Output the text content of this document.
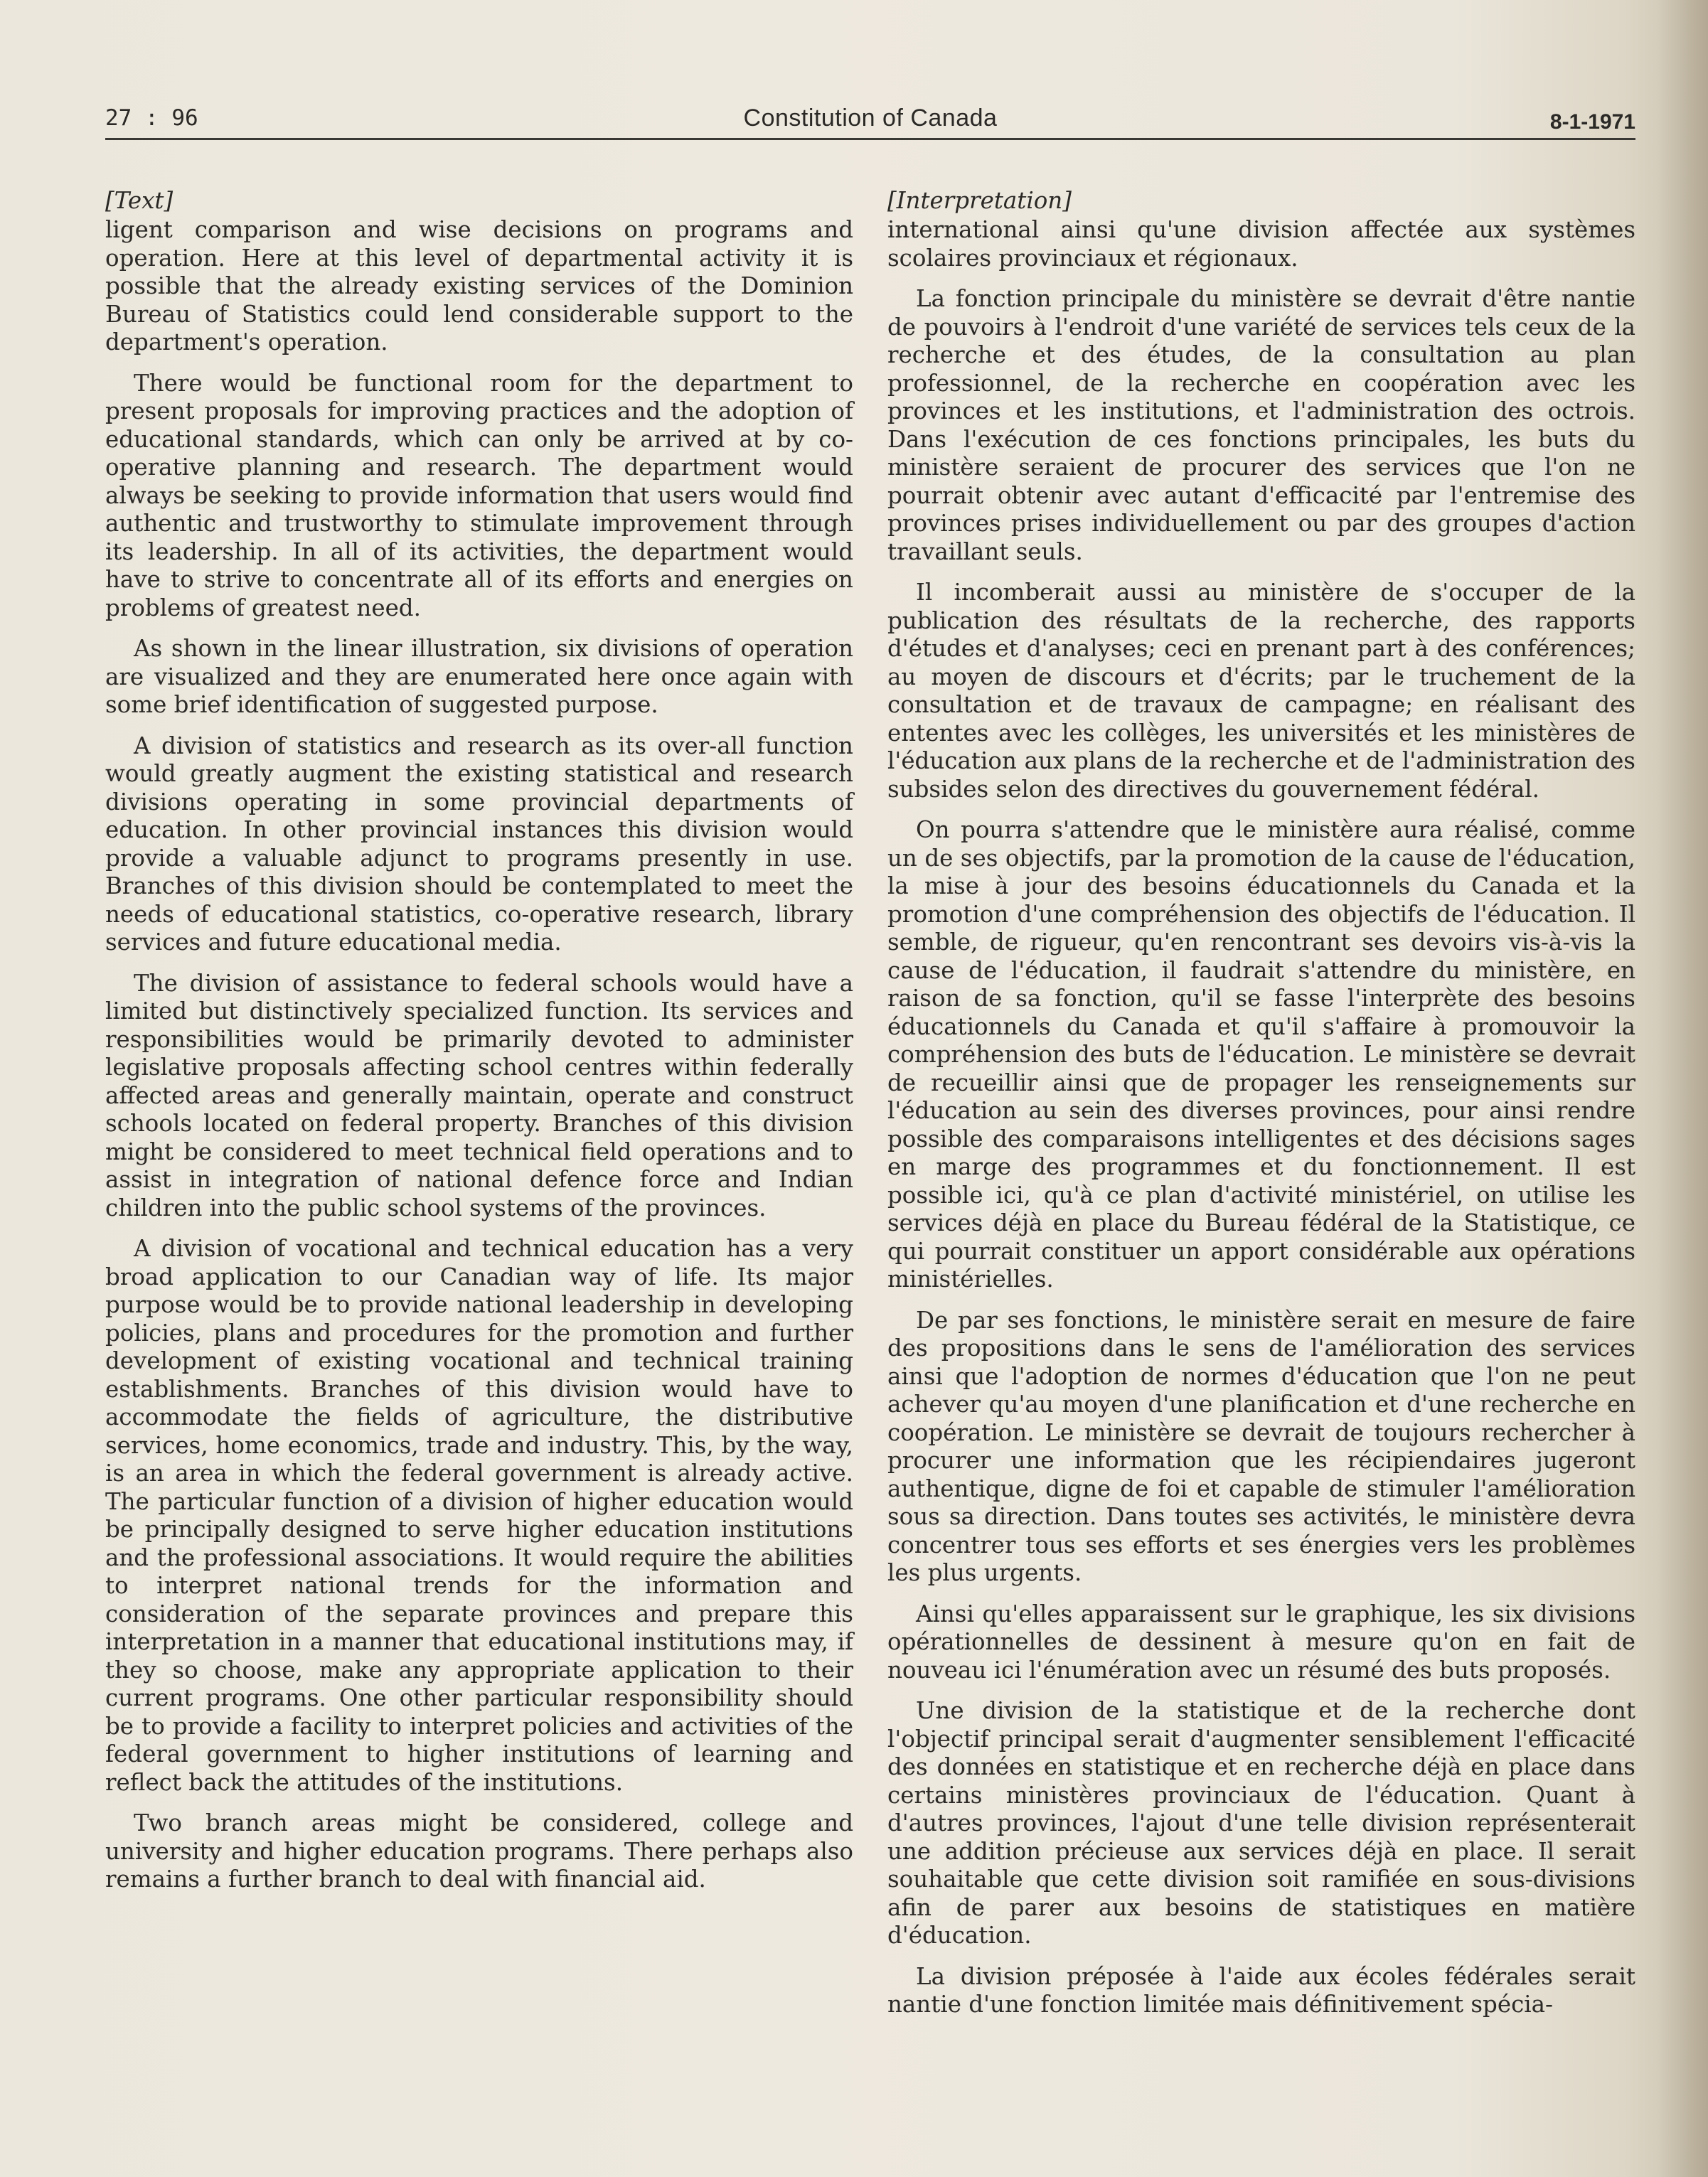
27 : 96	Constitution of Canada	8-1-1971
[Text]

ligent comparison and wise decisions on programs and operation. Here at this level of departmental activity it is possible that the already existing services of the Dominion Bureau of Statistics could lend considerable support to the department's operation.

There would be functional room for the department to present proposals for improving practices and the adoption of educational standards, which can only be arrived at by co-operative planning and research. The department would always be seeking to provide information that users would find authentic and trustworthy to stimulate improvement through its leadership. In all of its activities, the department would have to strive to concentrate all of its efforts and energies on problems of greatest need.

As shown in the linear illustration, six divisions of operation are visualized and they are enumerated here once again with some brief identification of suggested purpose.

A division of statistics and research as its over-all function would greatly augment the existing statistical and research divisions operating in some provincial departments of education. In other provincial instances this division would provide a valuable adjunct to programs presently in use. Branches of this division should be contemplated to meet the needs of educational statistics, co-operative research, library services and future educational media.

The division of assistance to federal schools would have a limited but distinctively specialized function. Its services and responsibilities would be primarily devoted to administer legislative proposals affecting school centres within federally affected areas and generally maintain, operate and construct schools located on federal property. Branches of this division might be considered to meet technical field operations and to assist in integration of national defence force and Indian children into the public school systems of the provinces.

A division of vocational and technical education has a very broad application to our Canadian way of life. Its major purpose would be to provide national leadership in developing policies, plans and procedures for the promotion and further development of existing vocational and technical training establishments. Branches of this division would have to accommodate the fields of agriculture, the distributive services, home economics, trade and industry. This, by the way, is an area in which the federal government is already active. The particular function of a division of higher education would be principally designed to serve higher education institutions and the professional associations. It would require the abilities to interpret national trends for the information and consideration of the separate provinces and prepare this interpretation in a manner that educational institutions may, if they so choose, make any appropriate application to their current programs. One other particular responsibility should be to provide a facility to interpret policies and activities of the federal government to higher institutions of learning and reflect back the attitudes of the institutions.

Two branch areas might be considered, college and university and higher education programs. There perhaps also remains a further branch to deal with financial aid.

[Interpretation]

international ainsi qu'une division affectée aux systèmes scolaires provinciaux et régionaux.

La fonction principale du ministère se devrait d'être nantie de pouvoirs à l'endroit d'une variété de services tels ceux de la recherche et des études, de la consultation au plan professionnel, de la recherche en coopération avec les provinces et les institutions, et l'administration des octrois. Dans l'exécution de ces fonctions principales, les buts du ministère seraient de procurer des services que l'on ne pourrait obtenir avec autant d'efficacité par l'entremise des provinces prises individuellement ou par des groupes d'action travaillant seuls.

Il incomberait aussi au ministère de s'occuper de la publication des résultats de la recherche, des rapports d'études et d'analyses; ceci en prenant part à des conférences; au moyen de discours et d'écrits; par le truchement de la consultation et de travaux de campagne; en réalisant des ententes avec les collèges, les universités et les ministères de l'éducation aux plans de la recherche et de l'administration des subsides selon des directives du gouvernement fédéral.

On pourra s'attendre que le ministère aura réalisé, comme un de ses objectifs, par la promotion de la cause de l'éducation, la mise à jour des besoins éducationnels du Canada et la promotion d'une compréhension des objectifs de l'éducation. Il semble, de rigueur, qu'en rencontrant ses devoirs vis-à-vis la cause de l'éducation, il faudrait s'attendre du ministère, en raison de sa fonction, qu'il se fasse l'interprète des besoins éducationnels du Canada et qu'il s'affaire à promouvoir la compréhension des buts de l'éducation. Le ministère se devrait de recueillir ainsi que de propager les renseignements sur l'éducation au sein des diverses provinces, pour ainsi rendre possible des comparaisons intelligentes et des décisions sages en marge des programmes et du fonctionnement. Il est possible ici, qu'à ce plan d'activité ministériel, on utilise les services déjà en place du Bureau fédéral de la Statistique, ce qui pourrait constituer un apport considérable aux opérations ministérielles.

De par ses fonctions, le ministère serait en mesure de faire des propositions dans le sens de l'amélioration des services ainsi que l'adoption de normes d'éducation que l'on ne peut achever qu'au moyen d'une planification et d'une recherche en coopération. Le ministère se devrait de toujours rechercher à procurer une information que les récipiendaires jugeront authentique, digne de foi et capable de stimuler l'amélioration sous sa direction. Dans toutes ses activités, le ministère devra concentrer tous ses efforts et ses énergies vers les problèmes les plus urgents.

Ainsi qu'elles apparaissent sur le graphique, les six divisions opérationnelles de dessinent à mesure qu'on en fait de nouveau ici l'énumération avec un résumé des buts proposés.

Une division de la statistique et de la recherche dont l'objectif principal serait d'augmenter sensiblement l'efficacité des données en statistique et en recherche déjà en place dans certains ministères provinciaux de l'éducation. Quant à d'autres provinces, l'ajout d'une telle division représenterait une addition précieuse aux services déjà en place. Il serait souhaitable que cette division soit ramifiée en sous-divisions afin de parer aux besoins de statistiques en matière d'éducation.

La division préposée à l'aide aux écoles fédérales serait nantie d'une fonction limitée mais définitivement spécia-
